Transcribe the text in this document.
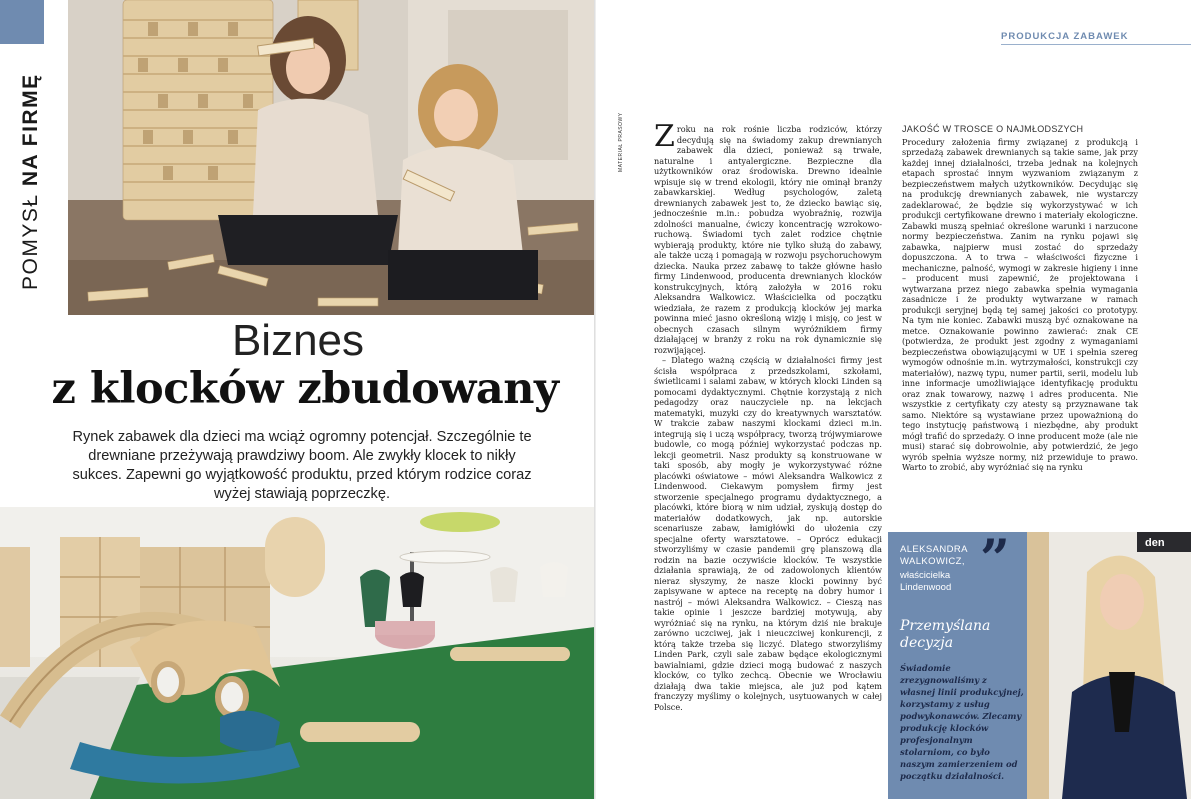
POMYSŁ NA FIRMĘ
Biznes
z klocków zbudowany
Rynek zabawek dla dzieci ma wciąż ogromny potencjał. Szczególnie te drewniane przeżywają prawdziwy boom. Ale zwykły klocek to nikły sukces. Zapewni go wyjątkowość produktu, przed którym rodzice coraz wyżej stawiają poprzeczkę.
PRODUKCJA ZABAWEK
MATERIAŁ PRASOWY Zroku na rok rośnie liczba rodziców, którzy decydują się na świadomy zakup drewnianych zabawek dla dzieci, ponieważ są trwałe, naturalne i antyalergiczne. Bezpieczne dla użytkowników oraz środowiska. Drewno idealnie wpisuje się w trend ekologii, który nie ominął branży zabawkarskiej. Według psychologów, zaletą drewnianych zabawek jest to, że dziecko bawiąc się, jednocześnie m.in.: pobudza wyobraźnię, rozwija zdolności manualne, ćwiczy koncentrację wzrokowo-ruchową. Świadomi tych zalet rodzice chętnie wybierają produkty, które nie tylko służą do zabawy, ale także uczą i pomagają w rozwoju psychoruchowym dziecka. Nauka przez zabawę to także główne hasło firmy Lindenwood, producenta drewnianych klocków konstrukcyjnych, którą założyła w 2016 roku Aleksandra Walkowicz. Właścicielka od początku wiedziała, że razem z produkcją klocków jej marka powinna mieć jasno określoną wizję i misję, co jest w obecnych czasach silnym wyróżnikiem firmy działającej w branży z roku na rok dynamicznie się rozwijającej.

– Dlatego ważną częścią w działalności firmy jest ścisła współpraca z przedszkolami, szkołami, świetlicami i salami zabaw, w których klocki Linden są pomocami dydaktycznymi. Chętnie korzystają z nich pedagodzy oraz nauczyciele np. na lekcjach matematyki, muzyki czy do kreatywnych warsztatów. W trakcie zabaw naszymi klockami dzieci m.in. integrują się i uczą współpracy, tworzą trójwymiarowe budowle, co mogą później wykorzystać podczas np. lekcji geometrii. Nasz produkty są konstruowane w taki sposób, aby mogły je wykorzystywać różne placówki oświatowe – mówi Aleksandra Walkowicz z Lindenwood. Ciekawym pomysłem firmy jest stworzenie specjalnego programu dydaktycznego, a placówki, które biorą w nim udział, zyskują dostęp do materiałów dodatkowych, jak np. autorskie scenariusze zabaw, łamigłówki do ułożenia czy specjalne oferty warsztatowe. – Oprócz edukacji stworzyliśmy w czasie pandemii grę planszową dla rodzin na bazie oczywiście klocków. Te wszystkie działania sprawiają, że od zadowolonych klientów nieraz słyszymy, że nasze klocki powinny być zapisywane w aptece na receptę na dobry humor i nastrój – mówi Aleksandra Walkowicz. – Cieszą nas takie opinie i jeszcze bardziej motywują, aby wyróżniać się na rynku, na którym dziś nie brakuje zarówno uczciwej, jak i nieuczciwej konkurencji, z którą także trzeba się liczyć. Dlatego stworzyliśmy Linden Park, czyli sale zabaw będące ekologicznymi bawialniami, gdzie dzieci mogą budować z naszych klocków, co tylko zechcą. Obecnie we Wrocławiu działają dwa takie miejsca, ale już pod kątem franczyzy myślimy o kolejnych, usytuowanych w całej Polsce.

JAKOŚĆ W TROSCE O NAJMŁODSZYCH

Procedury założenia firmy związanej z produkcją i sprzedażą zabawek drewnianych są takie same, jak przy każdej innej działalności, trzeba jednak na kolejnych etapach sprostać innym wyzwaniom związanym z bezpieczeństwem małych użytkowników. Decydując się na produkcję drewnianych zabawek, nie wystarczy zadeklarować, że będzie się wykorzystywać w ich produkcji certyfikowane drewno i materiały ekologiczne. Zabawki muszą spełniać określone warunki i narzucone normy bezpieczeństwa. Zanim na rynku pojawi się zabawka, najpierw musi zostać do sprzedaży dopuszczona. A to trwa – właściwości fizyczne i mechaniczne, palność, wymogi w zakresie higieny i inne – producent musi zapewnić, że projektowana i wytwarzana przez niego zabawka spełnia wymagania zasadnicze i że produkty wytwarzane w ramach produkcji seryjnej będą tej samej jakości co prototypy. Na tym nie koniec. Zabawki muszą być oznakowane na metce. Oznakowanie powinno zawierać: znak CE (potwierdza, że produkt jest zgodny z wymaganiami bezpieczeństwa obowiązującymi w UE i spełnia szereg wymogów odnośnie m.in. wytrzymałości, konstrukcji czy materiałów), nazwę typu, numer partii, serii, modelu lub inne informacje umożliwiające identyfikację produktu oraz znak towarowy, nazwę i adres producenta. Nie wszystkie z certyfikaty czy atesty są przyznawane tak samo. Niektóre są wystawiane przez upoważnioną do tego instytucję państwową i niezbędne, aby produkt mógł trafić do sprzedaży. O inne producent może (ale nie musi) starać się dobrowolnie, aby potwierdzić, że jego wyrób spełnia wyższe normy, niż przewiduje to prawo. Warto to zrobić, aby wyróżniać się na rynku

ALEKSANDRA WALKOWICZ,
właścicielka Lindenwood ”
Przemyślana decyzja
Świadomie zrezygnowaliśmy z własnej linii produkcyjnej, korzystamy z usług podwykonawców. Zlecamy produkcję klocków profesjonalnym stolarniom, co było naszym zamierzeniem od początku działalności.
den
